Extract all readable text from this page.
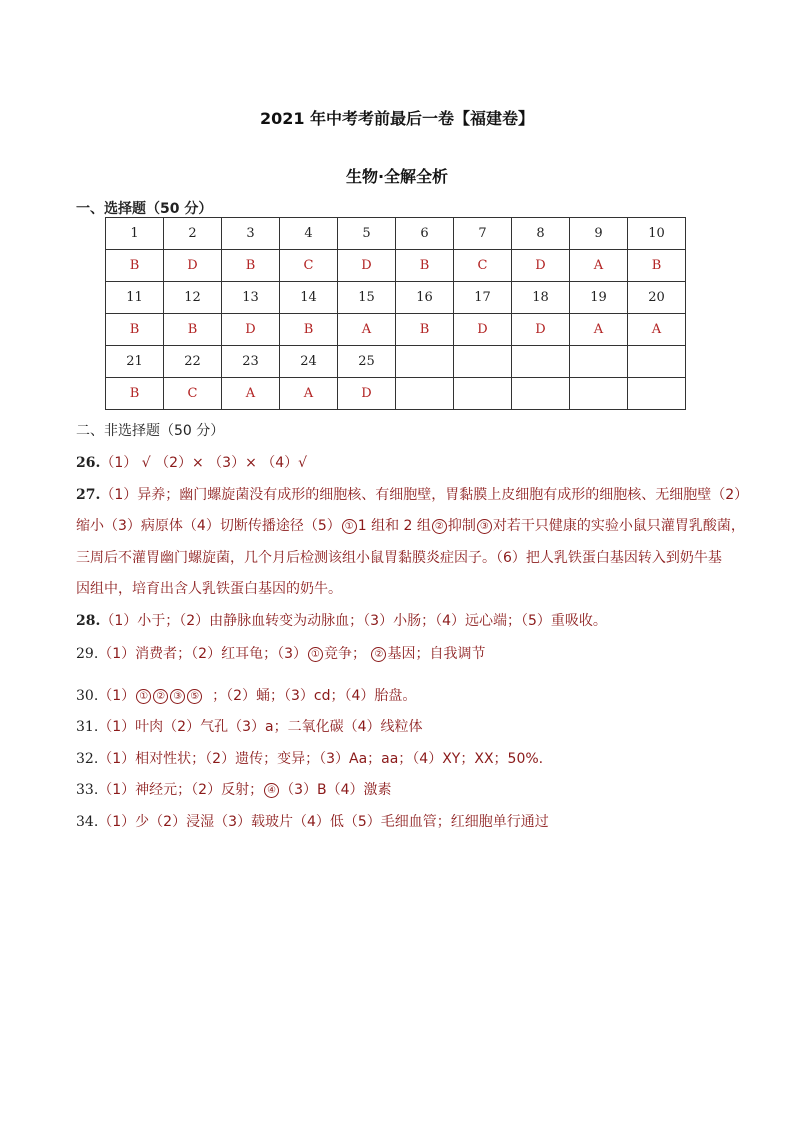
2021 年中考考前最后一卷【福建卷】
生物·全解全析
一、选择题（50 分）
1	2	3	4	5	6	7	8	9	10
B	D	B	C	D	B	C	D	A	B
11	12	13	14	15	16	17	18	19	20
B	B	D	B	A	B	D	D	A	A
21	22	23	24	25					
B	C	A	A	D					
二、非选择题（50 分）
26.（1） √ （2）× （3）× （4）√
27.（1）异养；幽门螺旋菌没有成形的细胞核、有细胞壁，胃黏膜上皮细胞有成形的细胞核、无细胞壁（2）
缩小（3）病原体（4）切断传播途径（5） ① 1 组和 2 组 ② 抑制 ③ 对若干只健康的实验小鼠只灌胃乳酸菌，
三周后不灌胃幽门螺旋菌，几个月后检测该组小鼠胃黏膜炎症因子。（6）把人乳铁蛋白基因转入到奶牛基
因组中，培育出含人乳铁蛋白基因的奶牛。
28.（1）小于；（2）由静脉血转变为动脉血；（3）小肠；（4）远心端；（5）重吸收。
29.（1）消费者；（2）红耳龟；（3） ① 竞争； ② 基因；自我调节
30.（1） ① ② ③ ⑤  ；（2）蛹；（3）cd；（4）胎盘。
31.（1）叶肉（2）气孔（3）a；二氧化碳（4）线粒体
32.（1）相对性状；（2）遗传；变异；（3）Aa；aa；（4）XY；XX；50%.
33.（1）神经元；（2）反射； ④ （3）B（4）激素
34.（1）少（2）浸湿（3）载玻片（4）低（5）毛细血管；红细胞单行通过
